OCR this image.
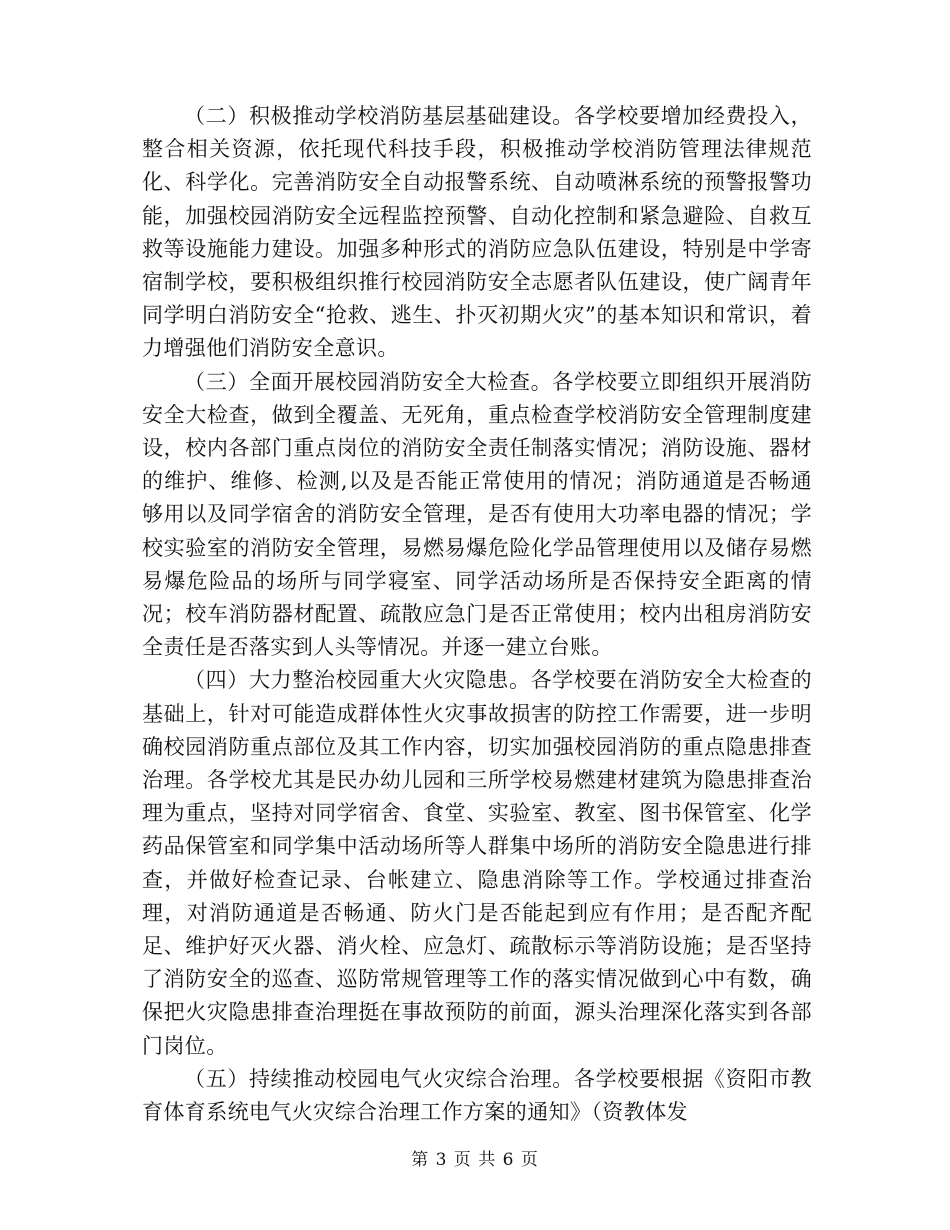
（二）积极推动学校消防基层基础建设。各学校要增加经费投入，整合相关资源，依托现代科技手段，积极推动学校消防管理法律规范化、科学化。完善消防安全自动报警系统、自动喷淋系统的预警报警功能，加强校园消防安全远程监控预警、自动化控制和紧急避险、自救互救等设施能力建设。加强多种形式的消防应急队伍建设，特别是中学寄宿制学校，要积极组织推行校园消防安全志愿者队伍建设，使广阔青年同学明白消防安全“抢救、逃生、扑灭初期火灾”的基本知识和常识，着力增强他们消防安全意识。

（三）全面开展校园消防安全大检查。各学校要立即组织开展消防安全大检查，做到全覆盖、无死角，重点检查学校消防安全管理制度建设，校内各部门重点岗位的消防安全责任制落实情况；消防设施、器材的维护、维修、检测,以及是否能正常使用的情况；消防通道是否畅通够用以及同学宿舍的消防安全管理，是否有使用大功率电器的情况；学校实验室的消防安全管理，易燃易爆危险化学品管理使用以及储存易燃易爆危险品的场所与同学寝室、同学活动场所是否保持安全距离的情况；校车消防器材配置、疏散应急门是否正常使用；校内出租房消防安全责任是否落实到人头等情况。并逐一建立台账。

（四）大力整治校园重大火灾隐患。各学校要在消防安全大检查的基础上，针对可能造成群体性火灾事故损害的防控工作需要，进一步明确校园消防重点部位及其工作内容，切实加强校园消防的重点隐患排查治理。各学校尤其是民办幼儿园和三所学校易燃建材建筑为隐患排查治理为重点，坚持对同学宿舍、食堂、实验室、教室、图书保管室、化学药品保管室和同学集中活动场所等人群集中场所的消防安全隐患进行排查，并做好检查记录、台帐建立、隐患消除等工作。学校通过排查治理，对消防通道是否畅通、防火门是否能起到应有作用；是否配齐配足、维护好灭火器、消火栓、应急灯、疏散标示等消防设施；是否坚持了消防安全的巡查、巡防常规管理等工作的落实情况做到心中有数，确保把火灾隐患排查治理挺在事故预防的前面，源头治理深化落实到各部门岗位。

（五）持续推动校园电气火灾综合治理。各学校要根据《资阳市教育体育系统电气火灾综合治理工作方案的通知》（资教体发

第 3 页 共 6 页
